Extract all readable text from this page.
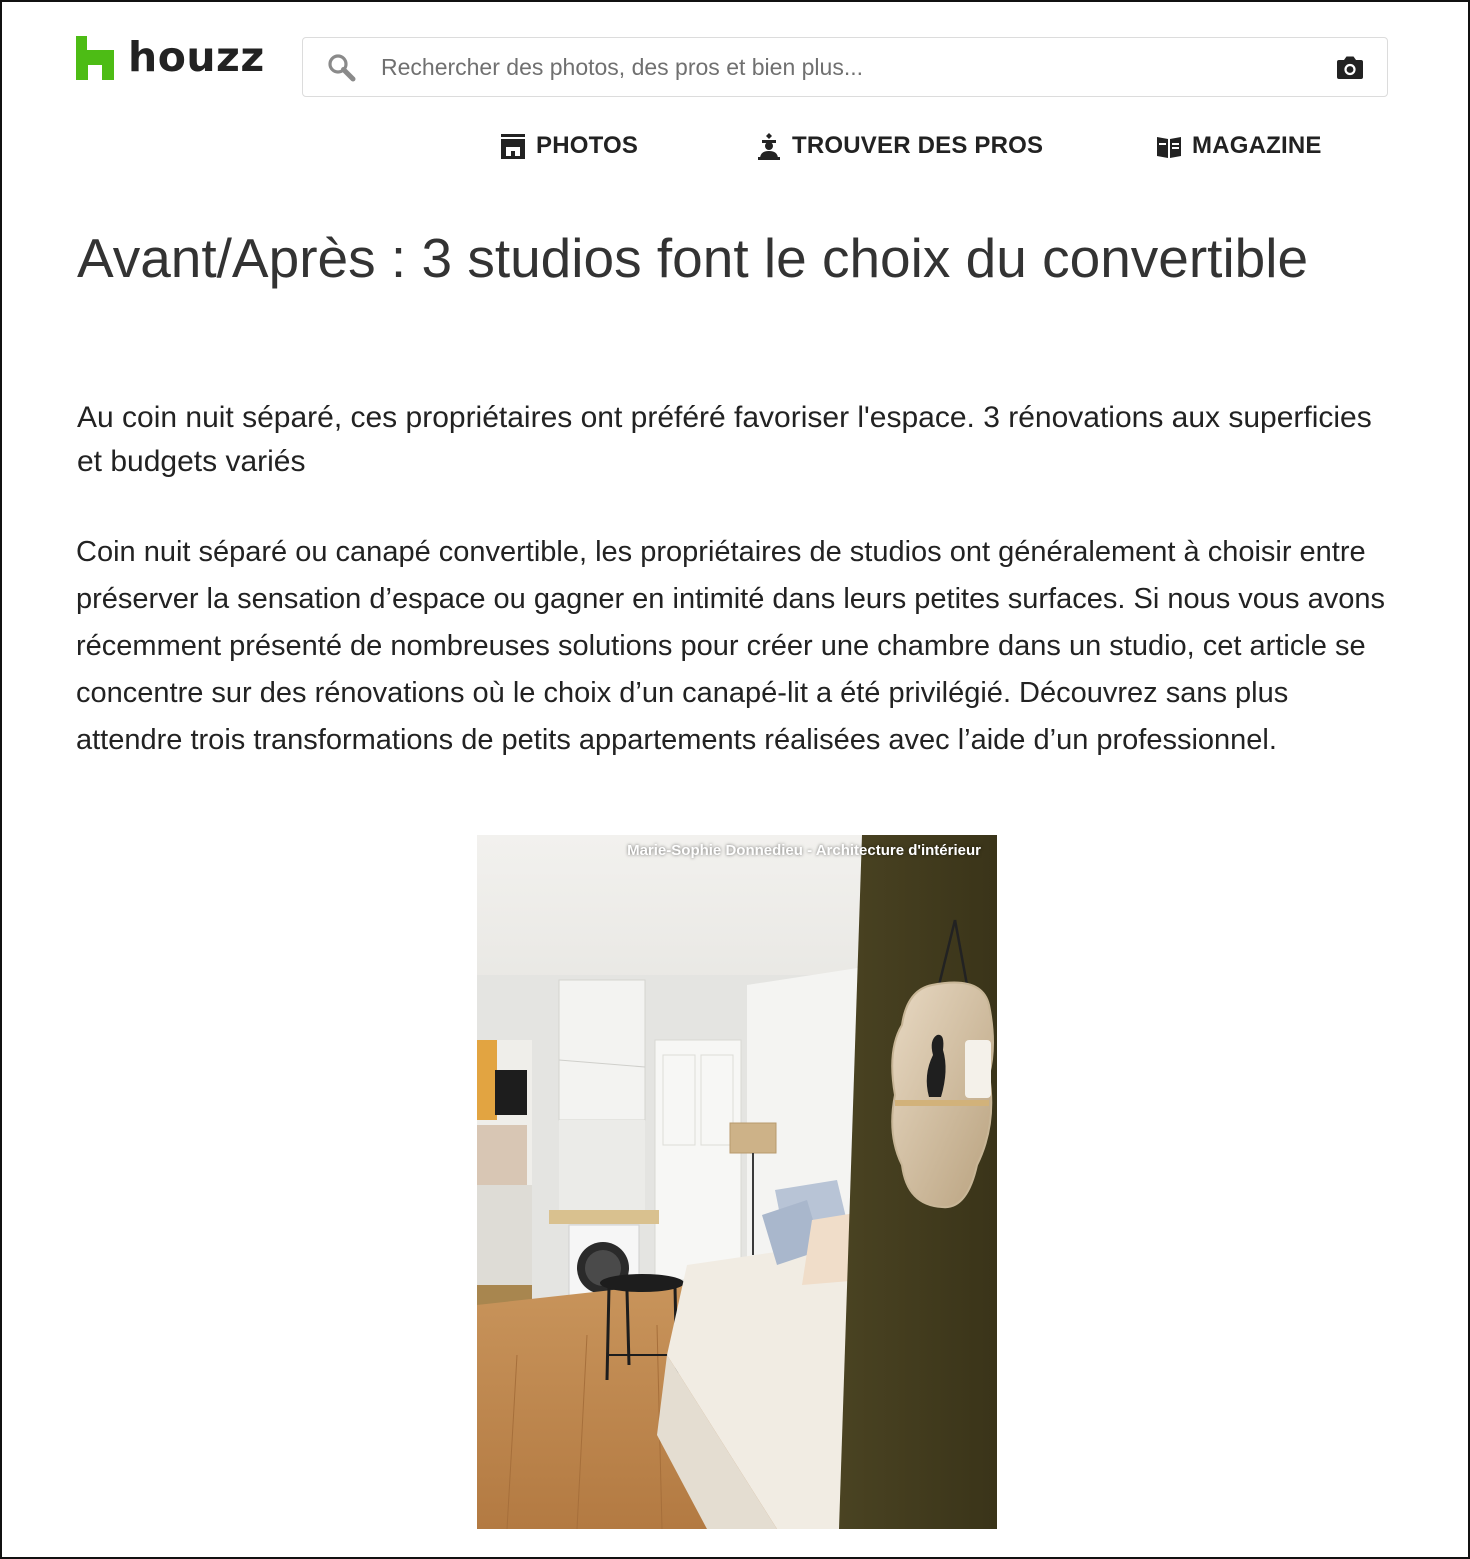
houzz
Rechercher des photos, des pros et bien plus...
PHOTOS	TROUVER DES PROS	MAGAZINE
Avant/Après : 3 studios font le choix du convertible

Au coin nuit séparé, ces propriétaires ont préféré favoriser l'espace. 3 rénovations aux superficies et budgets variés

Coin nuit séparé ou canapé convertible, les propriétaires de studios ont généralement à choisir entre préserver la sensation d’espace ou gagner en intimité dans leurs petites surfaces. Si nous vous avons récemment présenté de nombreuses solutions pour créer une chambre dans un studio, cet article se concentre sur des rénovations où le choix d’un canapé-lit a été privilégié. Découvrez sans plus attendre trois transformations de petits appartements réalisées avec l’aide d’un professionnel.

Marie-Sophie Donnedieu - Architecture d'intérieur
